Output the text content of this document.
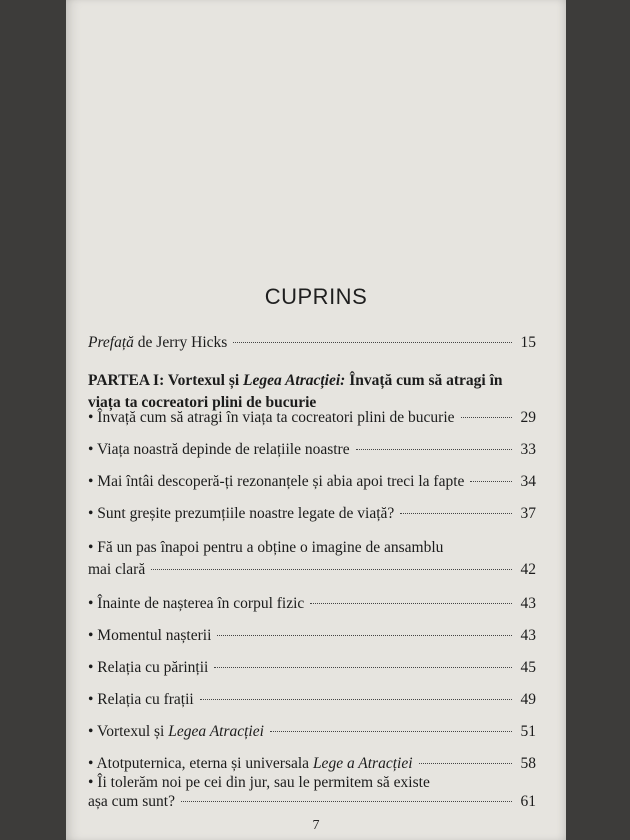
CUPRINS
Prefață de Jerry Hicks	15
PARTEA I: Vortexul și Legea Atracției: Învață cum să atragi în
viața ta cocreatori plini de bucurie
• Învață cum să atragi în viața ta cocreatori plini de bucurie	29
• Viața noastră depinde de relațiile noastre	33
• Mai întâi descoperă-ți rezonanțele și abia apoi treci la fapte	34
• Sunt greșite prezumțiile noastre legate de viață?	37
• Fă un pas înapoi pentru a obține o imagine de ansamblu
mai clară	42
• Înainte de nașterea în corpul fizic	43
• Momentul nașterii	43
• Relația cu părinții	45
• Relația cu frații	49
• Vortexul și Legea Atracției	51
• Atotputernica, eterna și universala Lege a Atracției	58
7
• Îi tolerăm noi pe cei din jur, sau le permitem să existe
așa cum sunt?	61
